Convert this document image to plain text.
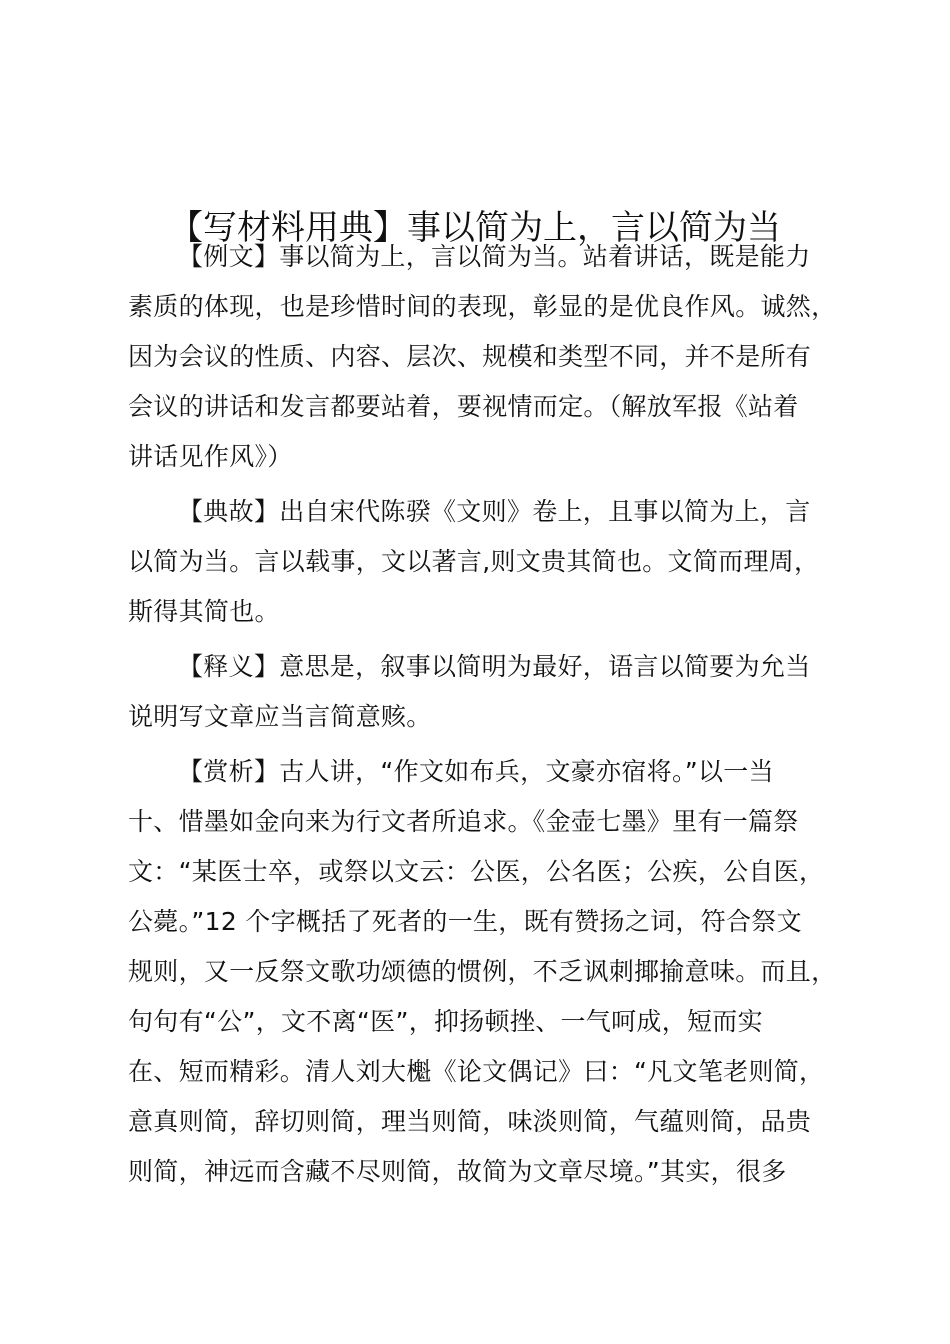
【写材料用典】事以简为上，言以简为当
【例文】事以简为上，言以简为当。站着讲话，既是能力
素质的体现，也是珍惜时间的表现，彰显的是优良作风。诚然，
因为会议的性质、内容、层次、规模和类型不同，并不是所有
会议的讲话和发言都要站着，要视情而定。（解放军报《站着
讲话见作风》）
【典故】出自宋代陈骙《文则》卷上，且事以简为上，言
以简为当。言以载事，文以著言,则文贵其简也。文简而理周，
斯得其简也。
【释义】意思是，叙事以简明为最好，语言以简要为允当
说明写文章应当言简意赅。
【赏析】古人讲，“作文如布兵，文豪亦宿将。”以一当
十、惜墨如金向来为行文者所追求。《金壶七墨》里有一篇祭
文：“某医士卒，或祭以文云：公医，公名医；公疾，公自医，
公薨。”12 个字概括了死者的一生，既有赞扬之词，符合祭文
规则，又一反祭文歌功颂德的惯例，不乏讽刺揶揄意味。而且，
句句有“公”，文不离“医”，抑扬顿挫、一气呵成，短而实
在、短而精彩。清人刘大櫆《论文偶记》曰：“凡文笔老则简，
意真则简，辞切则简，理当则简，味淡则简，气蕴则简，品贵
则简，神远而含藏不尽则简，故简为文章尽境。”其实，很多
